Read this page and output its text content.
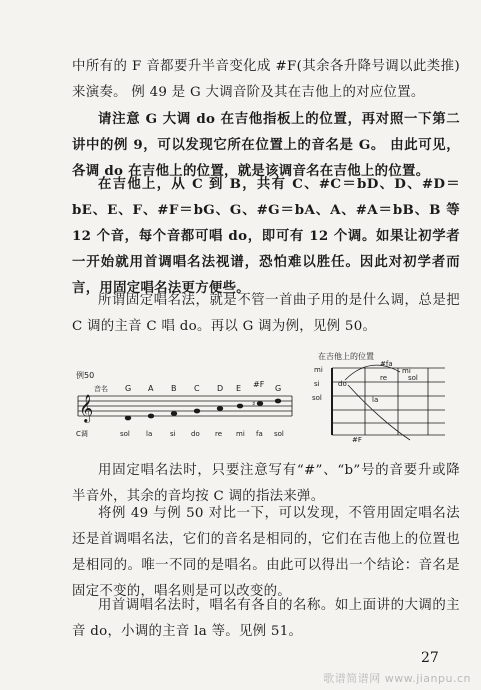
中所有的 F 音都要升半音变化成 #F(其余各升降号调以此类推)来演奏。 例 49 是 G 大调音阶及其在吉他上的对应位置。

请注意 G 大调 do 在吉他指板上的位置，再对照一下第二讲中的例 9，可以发现它所在位置上的音名是 G。 由此可见，各调 do 在吉他上的位置，就是该调音名在吉他上的位置。

在吉他上，从 C 到 B，共有 C、#C＝bD、D、#D＝bE、E、F、#F＝bG、G、#G＝bA、A、#A＝bB、B 等 12 个音，每个音都可唱 do，即可有 12 个调。如果让初学者一开始就用首调唱名法视谱，恐怕难以胜任。因此对初学者而言，用固定唱名法更方便些。

所谓固定唱名法，就是不管一首曲子用的是什么调，总是把 C 调的主音 C 唱 do。再以 G 调为例，见例 50。

例50
在吉他上的位置
𝄞
音名 G A B C D E #F G
♯
C调	sol la	si do re mi fa sol
mi
si
sol
do
re
la
mi
#fa
sol
#F

用固定唱名法时，只要注意写有“#”、“b”号的音要升或降半音外，其余的音均按 C 调的指法来弹。

将例 49 与例 50 对比一下，可以发现，不管用固定唱名法还是首调唱名法，它们的音名是相同的，它们在吉他上的位置也是相同的。唯一不同的是唱名。由此可以得出一个结论：音名是固定不变的，唱名则是可以改变的。

用首调唱名法时，唱名有各自的名称。如上面讲的大调的主音 do，小调的主音 la 等。见例 51。

27
歌谱简谱网 www.jianpu.cn
